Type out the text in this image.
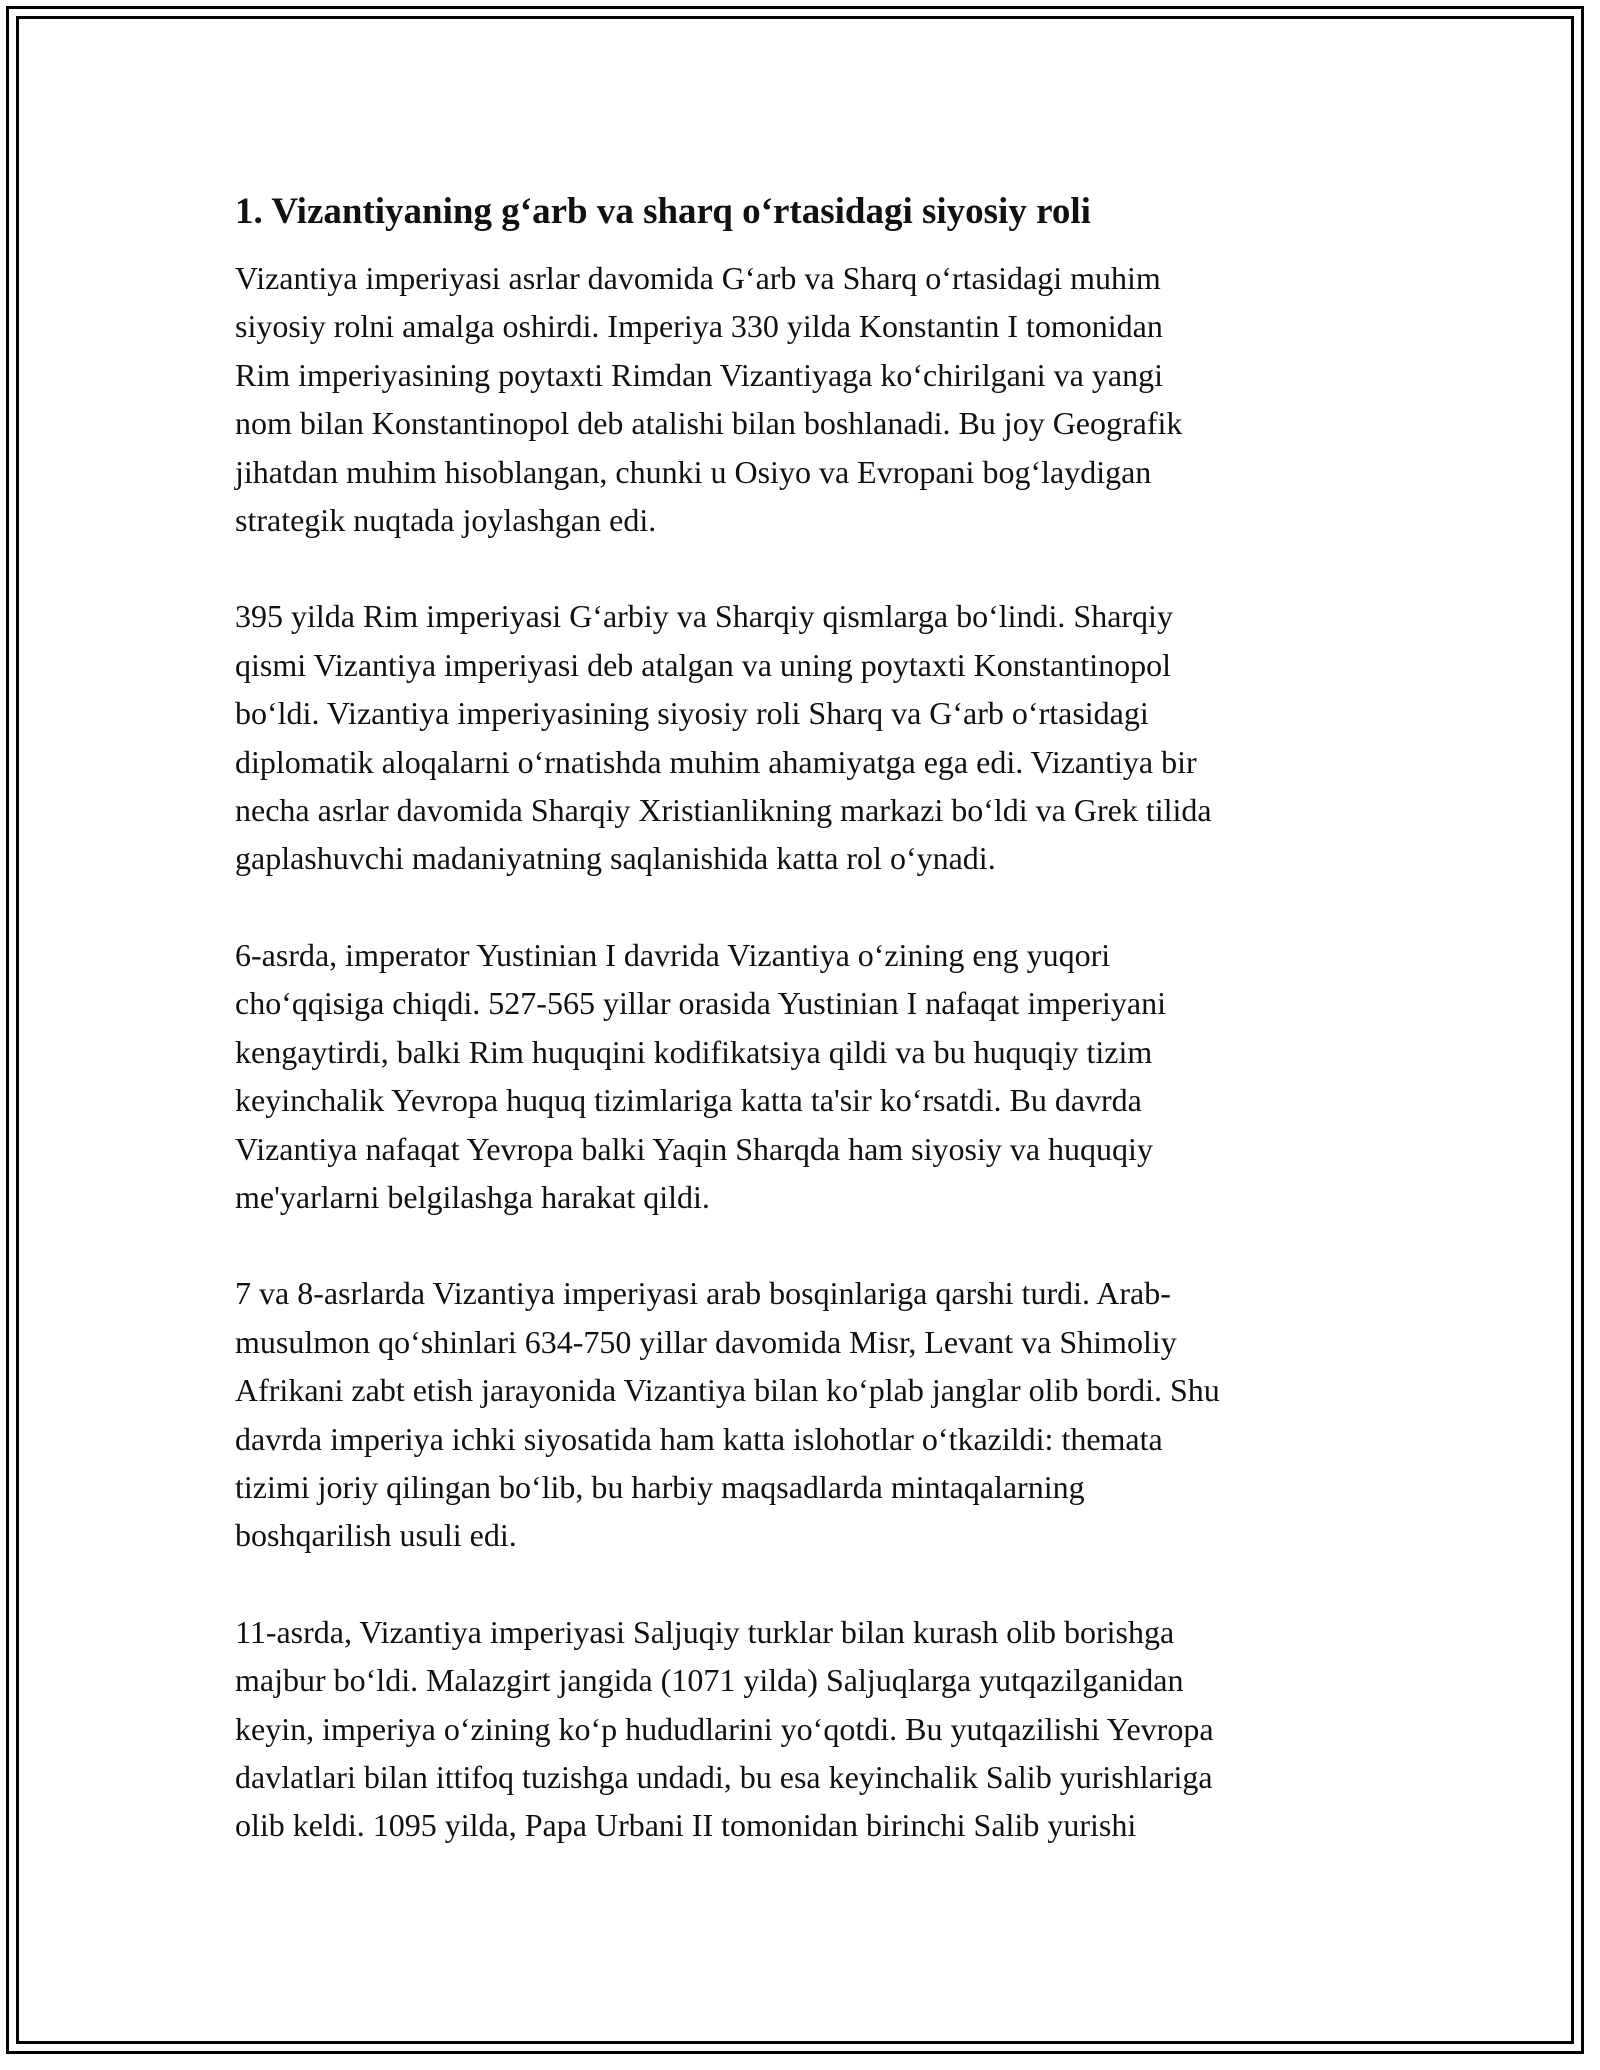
1. Vizantiyaning g‘arb va sharq o‘rtasidagi siyosiy roli
Vizantiya imperiyasi asrlar davomida G‘arb va Sharq o‘rtasidagi muhim
siyosiy rolni amalga oshirdi. Imperiya 330 yilda Konstantin I tomonidan
Rim imperiyasining poytaxti Rimdan Vizantiyaga ko‘chirilgani va yangi
nom bilan Konstantinopol deb atalishi bilan boshlanadi. Bu joy Geografik
jihatdan muhim hisoblangan, chunki u Osiyo va Evropani bog‘laydigan
strategik nuqtada joylashgan edi.
395 yilda Rim imperiyasi G‘arbiy va Sharqiy qismlarga bo‘lindi. Sharqiy
qismi Vizantiya imperiyasi deb atalgan va uning poytaxti Konstantinopol
bo‘ldi. Vizantiya imperiyasining siyosiy roli Sharq va G‘arb o‘rtasidagi
diplomatik aloqalarni o‘rnatishda muhim ahamiyatga ega edi. Vizantiya bir
necha asrlar davomida Sharqiy Xristianlikning markazi bo‘ldi va Grek tilida
gaplashuvchi madaniyatning saqlanishida katta rol o‘ynadi.
6-asrda, imperator Yustinian I davrida Vizantiya o‘zining eng yuqori
cho‘qqisiga chiqdi. 527-565 yillar orasida Yustinian I nafaqat imperiyani
kengaytirdi, balki Rim huquqini kodifikatsiya qildi va bu huquqiy tizim
keyinchalik Yevropa huquq tizimlariga katta ta'sir ko‘rsatdi. Bu davrda
Vizantiya nafaqat Yevropa balki Yaqin Sharqda ham siyosiy va huquqiy
me'yarlarni belgilashga harakat qildi.
7 va 8-asrlarda Vizantiya imperiyasi arab bosqinlariga qarshi turdi. Arab-
musulmon qo‘shinlari 634-750 yillar davomida Misr, Levant va Shimoliy
Afrikani zabt etish jarayonida Vizantiya bilan ko‘plab janglar olib bordi. Shu
davrda imperiya ichki siyosatida ham katta islohotlar o‘tkazildi: themata
tizimi joriy qilingan bo‘lib, bu harbiy maqsadlarda mintaqalarning
boshqarilish usuli edi.
11-asrda, Vizantiya imperiyasi Saljuqiy turklar bilan kurash olib borishga
majbur bo‘ldi. Malazgirt jangida (1071 yilda) Saljuqlarga yutqazilganidan
keyin, imperiya o‘zining ko‘p hududlarini yo‘qotdi. Bu yutqazilishi Yevropa
davlatlari bilan ittifoq tuzishga undadi, bu esa keyinchalik Salib yurishlariga
olib keldi. 1095 yilda, Papa Urbani II tomonidan birinchi Salib yurishi
